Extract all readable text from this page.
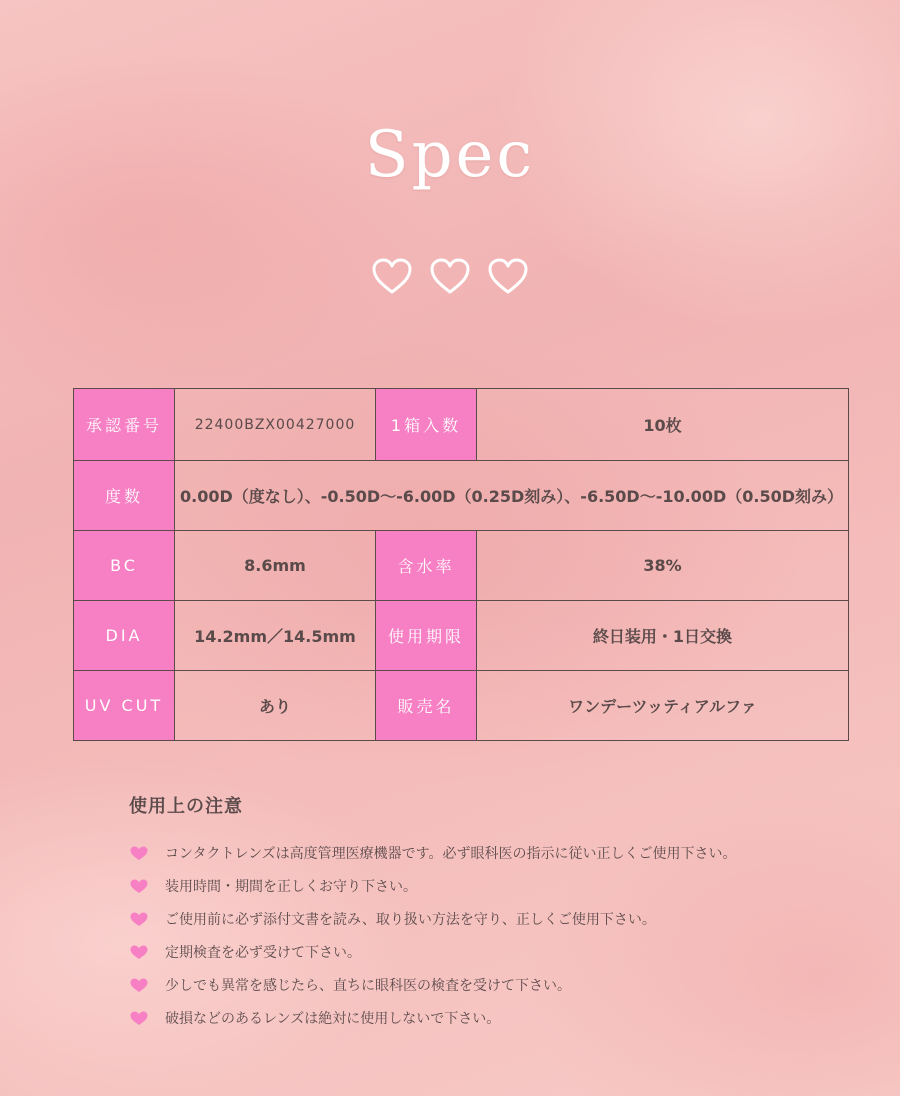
Spec
承認番号	22400BZX00427000	1箱入数	10枚
度数	0.00D（度なし）、-0.50D～-6.00D（0.25D刻み）、-6.50D～-10.00D（0.50D刻み）		
BC	8.6mm	含水率	38%
DIA	14.2mm／14.5mm	使用期限	終日装用・1日交換
UV CUT	あり	販売名	ワンデーツッティアルファ
使用上の注意
コンタクトレンズは高度管理医療機器です。必ず眼科医の指示に従い正しくご使用下さい。
装用時間・期間を正しくお守り下さい。
ご使用前に必ず添付文書を読み、取り扱い方法を守り、正しくご使用下さい。
定期検査を必ず受けて下さい。
少しでも異常を感じたら、直ちに眼科医の検査を受けて下さい。
破損などのあるレンズは絶対に使用しないで下さい。
